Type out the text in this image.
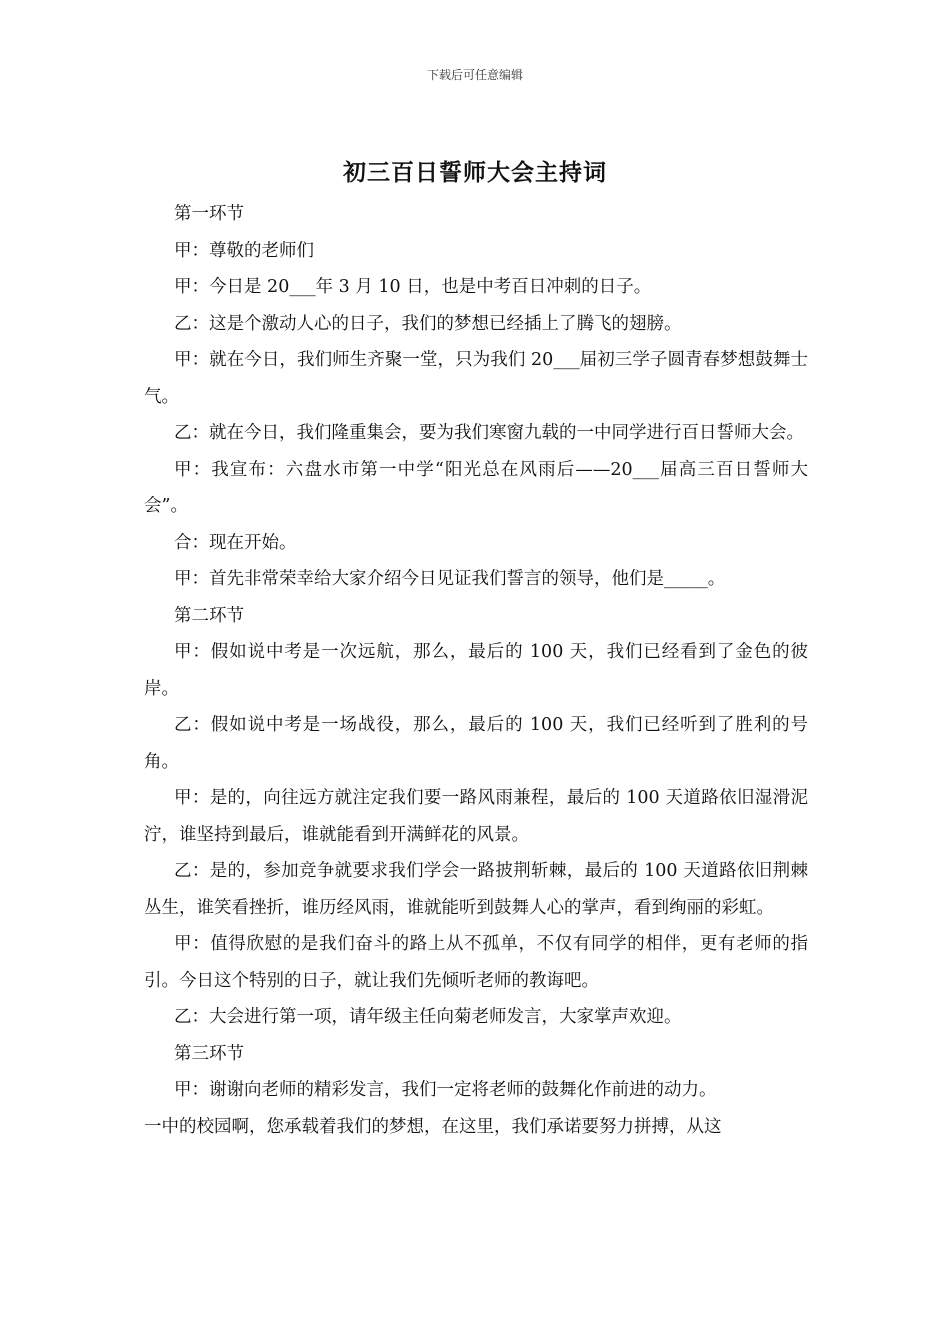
下载后可任意编辑
初三百日誓师大会主持词

第一环节

甲：尊敬的老师们

甲：今日是 20___年 3 月 10 日，也是中考百日冲刺的日子。

乙：这是个激动人心的日子，我们的梦想已经插上了腾飞的翅膀。

甲：就在今日，我们师生齐聚一堂，只为我们 20___届初三学子圆青春梦想鼓舞士气。

乙：就在今日，我们隆重集会，要为我们寒窗九载的一中同学进行百日誓师大会。

甲：我宣布：六盘水市第一中学“阳光总在风雨后——20___届高三百日誓师大会”。

合：现在开始。

甲：首先非常荣幸给大家介绍今日见证我们誓言的领导，他们是_____。

第二环节

甲：假如说中考是一次远航，那么，最后的 100 天，我们已经看到了金色的彼岸。

乙：假如说中考是一场战役，那么，最后的 100 天，我们已经听到了胜利的号角。

甲：是的，向往远方就注定我们要一路风雨兼程，最后的 100 天道路依旧湿滑泥泞，谁坚持到最后，谁就能看到开满鲜花的风景。

乙：是的，参加竞争就要求我们学会一路披荆斩棘，最后的 100 天道路依旧荆棘丛生，谁笑看挫折，谁历经风雨，谁就能听到鼓舞人心的掌声，看到绚丽的彩虹。

甲：值得欣慰的是我们奋斗的路上从不孤单，不仅有同学的相伴，更有老师的指引。今日这个特别的日子，就让我们先倾听老师的教诲吧。

乙：大会进行第一项，请年级主任向菊老师发言，大家掌声欢迎。

第三环节

甲：谢谢向老师的精彩发言，我们一定将老师的鼓舞化作前进的动力。

一中的校园啊，您承载着我们的梦想，在这里，我们承诺要努力拼搏，从这
